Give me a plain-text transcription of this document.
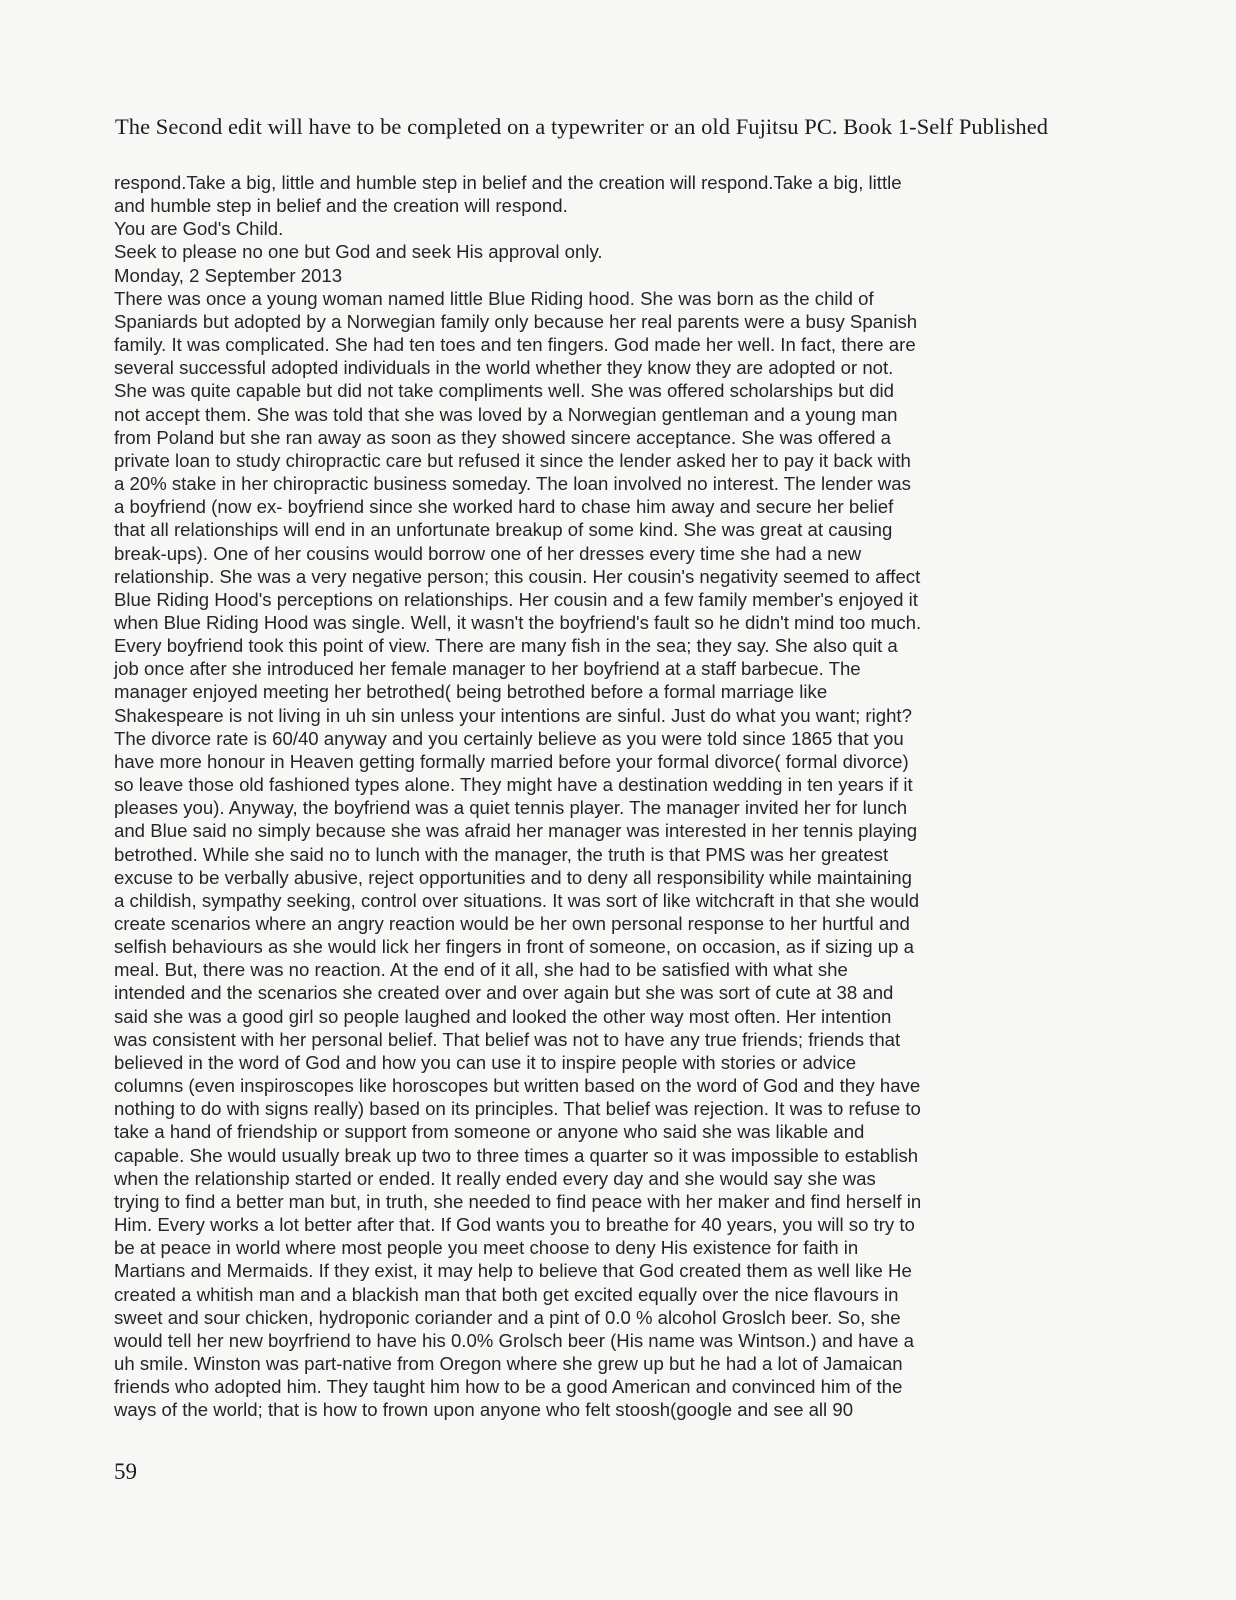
The Second edit will have to be completed on a typewriter or an old Fujitsu PC. Book 1-Self Published
respond.Take a big, little and humble step in belief and the creation will respond.Take a big, little
and humble step in belief and the creation will respond.
You are God's Child.
Seek to please no one but God and seek His approval only.
Monday, 2 September 2013
There was once a young woman named little Blue Riding hood. She was born as the child of
Spaniards but adopted by a Norwegian family only because her real parents were a busy Spanish
family. It was complicated. She had ten toes and ten fingers. God made her well. In fact, there are
several successful adopted individuals in the world whether they know they are adopted or not.
She was quite capable but did not take compliments well. She was offered scholarships but did
not accept them. She was told that she was loved by a Norwegian gentleman and a young man
from Poland but she ran away as soon as they showed sincere acceptance. She was offered a
private loan to study chiropractic care but refused it since the lender asked her to pay it back with
a 20% stake in her chiropractic business someday. The loan involved no interest. The lender was
a boyfriend (now ex- boyfriend since she worked hard to chase him away and secure her belief
that all relationships will end in an unfortunate breakup of some kind. She was great at causing
break-ups). One of her cousins would borrow one of her dresses every time she had a new
relationship. She was a very negative person; this cousin. Her cousin's negativity seemed to affect
Blue Riding Hood's perceptions on relationships. Her cousin and a few family member's enjoyed it
when Blue Riding Hood was single. Well, it wasn't the boyfriend's fault so he didn't mind too much.
Every boyfriend took this point of view. There are many fish in the sea; they say. She also quit a
job once after she introduced her female manager to her boyfriend at a staff barbecue. The
manager enjoyed meeting her betrothed( being betrothed before a formal marriage like
Shakespeare is not living in uh sin unless your intentions are sinful. Just do what you want; right?
The divorce rate is 60/40 anyway and you certainly believe as you were told since 1865 that you
have more honour in Heaven getting formally married before your formal divorce( formal divorce)
so leave those old fashioned types alone. They might have a destination wedding in ten years if it
pleases you). Anyway, the boyfriend was a quiet tennis player. The manager invited her for lunch
and Blue said no simply because she was afraid her manager was interested in her tennis playing
betrothed. While she said no to lunch with the manager, the truth is that PMS was her greatest
excuse to be verbally abusive, reject opportunities and to deny all responsibility while maintaining
a childish, sympathy seeking, control over situations. It was sort of like witchcraft in that she would
create scenarios where an angry reaction would be her own personal response to her hurtful and
selfish behaviours as she would lick her fingers in front of someone, on occasion, as if sizing up a
meal. But, there was no reaction. At the end of it all, she had to be satisfied with what she
intended and the scenarios she created over and over again but she was sort of cute at 38 and
said she was a good girl so people laughed and looked the other way most often. Her intention
was consistent with her personal belief. That belief was not to have any true friends; friends that
believed in the word of God and how you can use it to inspire people with stories or advice
columns (even inspiroscopes like horoscopes but written based on the word of God and they have
nothing to do with signs really) based on its principles. That belief was rejection. It was to refuse to
take a hand of friendship or support from someone or anyone who said she was likable and
capable. She would usually break up two to three times a quarter so it was impossible to establish
when the relationship started or ended. It really ended every day and she would say she was
trying to find a better man but, in truth, she needed to find peace with her maker and find herself in
Him. Every works a lot better after that. If God wants you to breathe for 40 years, you will so try to
be at peace in world where most people you meet choose to deny His existence for faith in
Martians and Mermaids. If they exist, it may help to believe that God created them as well like He
created a whitish man and a blackish man that both get excited equally over the nice flavours in
sweet and sour chicken, hydroponic coriander and a pint of 0.0 % alcohol Groslch beer. So, she
would tell her new boyrfriend to have his 0.0% Grolsch beer (His name was Wintson.) and have a
uh smile. Winston was part-native from Oregon where she grew up but he had a lot of Jamaican
friends who adopted him. They taught him how to be a good American and convinced him of the
ways of the world; that is how to frown upon anyone who felt stoosh(google and see all 90
59
